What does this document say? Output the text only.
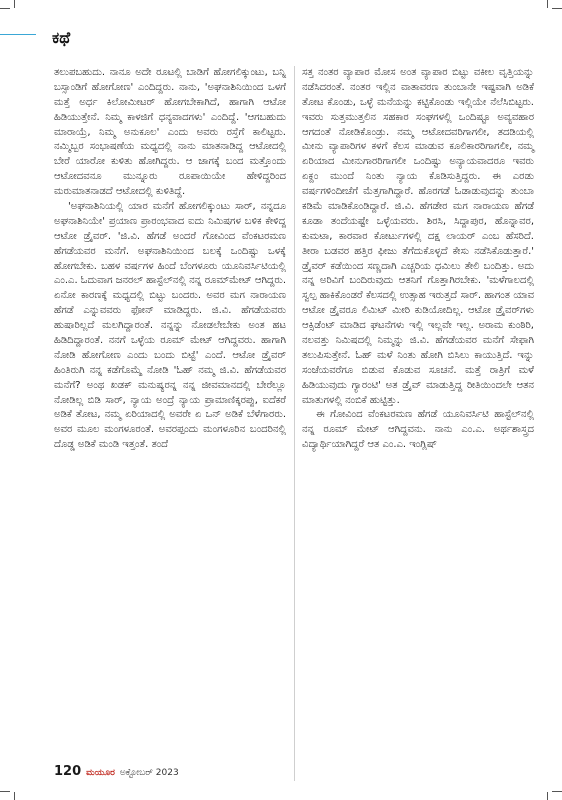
ಕಥೆ

ತಲುಪಬಹುದು. ನಾನೂ ಅದೇ ರೂಟಲ್ಲಿ ಬಾಡಿಗೆ ಹೋಗಲಿಕ್ಕುಂಟು, ಬನ್ನಿ ಬಸ್ಸಾಂಡಿಗೆ ಹೋಗೋಣ' ಎಂದಿದ್ದರು. ನಾನು, 'ಅಘನಾಶಿನಿಯಿಂದ ಒಳಗೆ ಮತ್ತೆ ಅರ್ಧ ಕಿಲೋಮೀಟರ್ ಹೋಗಬೇಕಾಗಿದೆ, ಹಾಗಾಗಿ ಆಟೋ ಹಿಡಿಯುತ್ತೇನೆ. ನಿಮ್ಮ ಕಾಳಜಿಗೆ ಧನ್ಯವಾದಗಳು' ಎಂದಿದ್ದೆ. 'ಆಗಬಹುದು ಮಾರಾಯ್ರೆ, ನಿಮ್ಮ ಅನುಕೂಲ' ಎಂದು ಅವರು ರಸ್ತೆಗೆ ಕಾಲಿಟ್ಟರು. ನಮ್ಮಿಬ್ಬರ ಸಂಭಾಷಣೆಯ ಮಧ್ಯದಲ್ಲಿ ನಾನು ಮಾತನಾಡಿದ್ದ ಆಟೋದಲ್ಲಿ ಬೇರೆ ಯಾರೋ ಕುಳಿತು ಹೋಗಿದ್ದರು. ಆ ಜಾಗಕ್ಕೆ ಬಂದ ಮತ್ತೊಂದು ಆಟೋದವನೂ ಮುನ್ನೂರು ರೂಪಾಯಿಯೇ ಹೇಳಿದ್ದರಿಂದ ಮರುಮಾತನಾಡದೆ ಆಟೋದಲ್ಲಿ ಕುಳಿತಿದ್ದೆ.

'ಅಘನಾಶಿನಿಯಲ್ಲಿ ಯಾರ ಮನೆಗೆ ಹೋಗಲಿಕ್ಕುಂಟು ಸಾರ್, ನನ್ನದೂ ಅಘನಾಶಿನಿಯೇ' ಪ್ರಯಾಣ ಪ್ರಾರಂಭವಾದ ಐದು ನಿಮಿಷಗಳ ಬಳಿಕ ಕೇಳಿದ್ದ ಆಟೋ ಡ್ರೈವರ್. 'ಜಿ.ವಿ. ಹೆಗಡೆ ಅಂದರೆ ಗೋವಿಂದ ವೆಂಕಟರಮಣ ಹೆಗಡೆಯವರ ಮನೆಗೆ. ಅಘನಾಶಿನಿಯಿಂದ ಬಲಕ್ಕೆ ಒಂದಿಷ್ಟು ಒಳಕ್ಕೆ ಹೋಗಬೇಕು. ಬಹಳ ವರ್ಷಗಳ ಹಿಂದೆ ಬೆಂಗಳೂರು ಯೂನಿವರ್ಸಿಟಿಯಲ್ಲಿ ಎಂ.ಎ. ಓದುವಾಗ ಜನರಲ್ ಹಾಸ್ಟೆಲ್‌ನಲ್ಲಿ ನನ್ನ ರೂಮ್‌ಮೇಟ್ ಆಗಿದ್ದರು. ಏನೋ ಕಾರಣಕ್ಕೆ ಮಧ್ಯದಲ್ಲಿ ಬಿಟ್ಟು ಬಂದರು. ಅವರ ಮಗ ನಾರಾಯಣ ಹೆಗಡೆ ಎನ್ನುವವರು ಫೋನ್ ಮಾಡಿದ್ದರು. ಜಿ.ವಿ. ಹೆಗಡೆಯವರು ಹುಷಾರಿಲ್ಲದೆ ಮಲಗಿದ್ದಾರಂತೆ. ನನ್ನನ್ನು ನೋಡಲೇಬೇಕು ಅಂತ ಹಟ ಹಿಡಿದಿದ್ದಾರಂತೆ. ನನಗೆ ಒಳ್ಳೆಯ ರೂಮ್ ಮೇಟ್ ಆಗಿದ್ದವರು. ಹಾಗಾಗಿ ನೋಡಿ ಹೋಗೋಣ ಎಂದು ಬಂದು ಬಿಟ್ಟೆ' ಎಂದೆ. ಆಟೋ ಡ್ರೈವರ್ ಹಿಂತಿರುಗಿ ನನ್ನ ಕಡೆಗೊಮ್ಮೆ ನೋಡಿ 'ಓಹ್ ನಮ್ಮ ಜಿ.ವಿ. ಹೆಗಡೆಯವರ ಮನೆಗೆ? ಅಂಥ ಖಡಕ್ ಮನುಷ್ಯರನ್ನ ನನ್ನ ಜೀವಮಾನದಲ್ಲಿ ಬೇರೆಲ್ಲೂ ನೋಡಿಲ್ಲ ಬಿಡಿ ಸಾರ್, ನ್ಯಾಯ ಅಂದ್ರೆ ನ್ಯಾಯ ಪ್ರಾಮಾಣಿಕ್ಕರಪ್ಪು, ಐದೆಕರೆ ಅಡಿಕೆ ತೋಟ, ನಮ್ಮ ಏರಿಯಾದಲ್ಲಿ ಅವರೇ ಏ ಒನ್ ಅಡಿಕೆ ಬೆಳೆಗಾರರು. ಅವರ ಮೂಲ ಮಂಗಳೂರಂತೆ. ಅವರಪ್ಪಂದು ಮಂಗಳೂರಿನ ಬಂದರಿನಲ್ಲಿ ದೊಡ್ಡ ಅಡಿಕೆ ಮಂಡಿ ಇತ್ತಂತೆ. ತಂದೆ

ಸತ್ತ ನಂತರ ವ್ಯಾಪಾರ ಮೋಸ ಅಂತ ವ್ಯಾಪಾರ ಬಿಟ್ಟು ವಕೀಲ ವೃತ್ತಿಯನ್ನು ನಡೆಸಿದರಂತೆ. ನಂತರ ಇಲ್ಲಿನ ವಾತಾವರಣ ತುಂಬಾನೇ ಇಷ್ಟವಾಗಿ ಅಡಿಕೆ ತೋಟ ಕೊಂಡು, ಒಳ್ಳೆ ಮನೆಯನ್ನು ಕಟ್ಟಿಕೊಂಡು ಇಲ್ಲಿಯೇ ನೆಲೆಸಿಬಿಟ್ಟರು. ಇವರು ಸುತ್ತಮುತ್ತಲಿನ ಸಹಕಾರ ಸಂಘಗಳಲ್ಲಿ ಒಂದಿಷ್ಟೂ ಅವ್ಯವಹಾರ ಆಗದಂತೆ ನೋಡಿಕೊಂಡ್ರು. ನಮ್ಮ ಆಟೋದವರಿಗಾಗಲೀ, ತದಡಿಯಲ್ಲಿ ಮೀನು ವ್ಯಾಪಾರಿಗಳ ಕಳಗೆ ಕೆಲಸ ಮಾಡುವ ಕೂಲಿಕಾರರಿಗಾಗಲೀ, ನಮ್ಮ ಏರಿಯಾದ ಮೀನುಗಾರರಿಗಾಗಲೀ ಒಂದಿಷ್ಟು ಅನ್ಯಾಯವಾದರೂ ಇವರು ಏಕ್ದಂ ಮುಂದೆ ನಿಂತು ನ್ಯಾಯ ಕೊಡಿಸುತ್ತಿದ್ದರು. ಈ ಎರಡು ವರ್ಷಗಳಿಂದೀಚೆಗೆ ಮೆತ್ತಗಾಗಿದ್ದಾರೆ. ಹೊರಗಡೆ ಓಡಾಡುವುದನ್ನು ತುಂಬಾ ಕಡಿಮೆ ಮಾಡಿಕೊಂಡಿದ್ದಾರೆ. ಜಿ.ವಿ. ಹೆಗಡೇರ ಮಗ ನಾರಾಯಣ ಹೆಗಡೆ ಕೂಡಾ ತಂದೆಯಷ್ಟೇ ಒಳ್ಳೆಯವರು. ಶಿರಸಿ, ಸಿದ್ದಾಪುರ, ಹೊನ್ನಾವರ, ಕುಮಟಾ, ಕಾರವಾರ ಕೋರ್ಟುಗಳಲ್ಲಿ ದಕ್ಷ ಲಾಯರ್ ಎಂಬ ಹೆಸರಿದೆ. ತೀರಾ ಬಡವರ ಹತ್ತಿರ ಫೀಜು ತೆಗೆದುಕೊಳ್ಳದೆ ಕೇಸು ನಡೆಸಿಕೊಡುತ್ತಾರೆ.' ಡ್ರೈವರ್ ಕಡೆಯಿಂದ ಸಣ್ಣದಾಗಿ ಎಚ್ಚರಿಯ ಧಮಿಲು ತೇಲಿ ಬಂದಿತ್ತು. ಅದು ನನ್ನ ಅರಿವಿಗೆ ಬಂದಿರುವುದು ಆತನಿಗೆ ಗೊತ್ತಾಗಿರಬೇಕು. 'ಮಳೆಗಾಲದಲ್ಲಿ ಸ್ವಲ್ಪ ಹಾಕಿಕೊಂಡರೆ ಕೆಲಸದಲ್ಲಿ ಉತ್ಸಾಹ ಇರುತ್ತದೆ ಸಾರ್. ಹಾಗಂತ ಯಾವ ಆಟೋ ಡ್ರೈವರೂ ಲಿಮಿಟ್ ಮೀರಿ ಕುಡಿಯೋದಿಲ್ಲ. ಆಟೋ ಡ್ರೈವರ್‌ಗಳು ಆಕ್ಸಿಡೆಂಟ್ ಮಾಡಿದ ಘಟನೆಗಳು ಇಲ್ಲಿ ಇಲ್ಲವೇ ಇಲ್ಲ. ಅರಾಮ ಕುಂಠಿರಿ, ನಲವತ್ತು ನಿಮಿಷದಲ್ಲಿ ನಿಮ್ಮನ್ನು ಜಿ.ವಿ. ಹೆಗಡೆಯವರ ಮನೆಗೆ ಸೇಫಾಗಿ ತಲುಪಿಸುತ್ತೇನೆ. ಓಹ್ ಮಳೆ ನಿಂತು ಹೋಗಿ ಬಿಸಿಲು ಕಾಯುತ್ತಿದೆ. ಇನ್ನು ಸಂಜೆಯವರೆಗೂ ಬಿಡುವ ಕೊಡುವ ಸೂಚನೆ. ಮತ್ತೆ ರಾತ್ರಿಗೆ ಮಳೆ ಹಿಡಿಯುವುದು ಗ್ಯಾರಂಟಿ' ಅತ ಡ್ರೈವ್ ಮಾಡುತ್ತಿದ್ದ ರೀತಿಯಿಂದಲೇ ಆತನ ಮಾತುಗಳಲ್ಲಿ ನಂಬಿಕೆ ಹುಟ್ಟಿತ್ತು.

ಈ ಗೋವಿಂದ ವೆಂಕಟರಮಣ ಹೆಗಡೆ ಯೂನಿವರ್ಸಿಟಿ ಹಾಸ್ಟೆಲ್‌ನಲ್ಲಿ ನನ್ನ ರೂಮ್ ಮೇಟ್ ಆಗಿದ್ದವನು. ನಾನು ಎಂ.ಎ. ಅರ್ಥಶಾಸ್ತ್ರದ ವಿದ್ಯಾರ್ಥಿಯಾಗಿದ್ದರೆ ಆತ ಎಂ.ಎ. ಇಂಗ್ಲಿಷ್

120 ಮಯೂರ ಅಕ್ಟೋಬರ್ 2023
